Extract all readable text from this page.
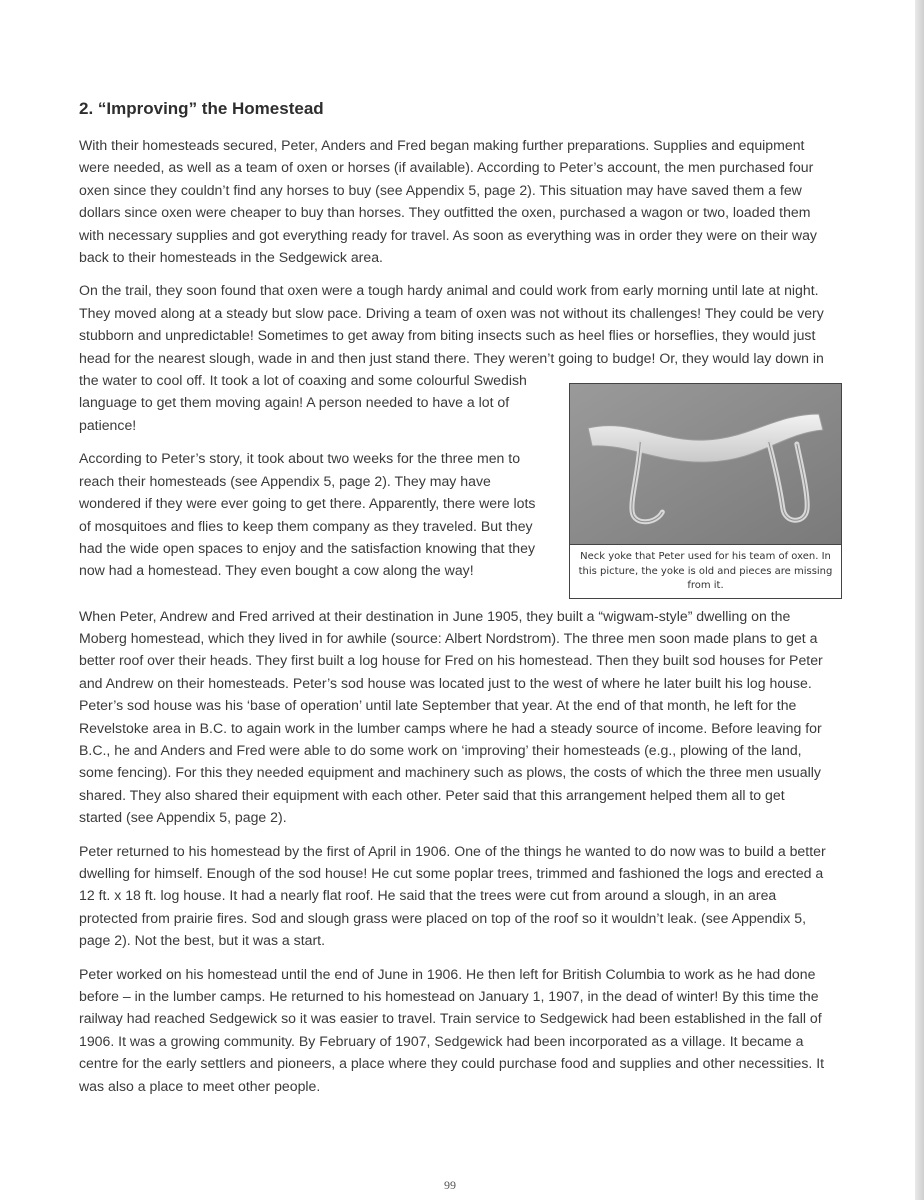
2. “Improving” the Homestead

With their homesteads secured, Peter, Anders and Fred began making further preparations. Supplies and equipment were needed, as well as a team of oxen or horses (if available). According to Peter’s account, the men purchased four oxen since they couldn’t find any horses to buy (see Appendix 5, page 2). This situation may have saved them a few dollars since oxen were cheaper to buy than horses. They outfitted the oxen, purchased a wagon or two, loaded them with necessary supplies and got everything ready for travel. As soon as everything was in order they were on their way back to their homesteads in the Sedgewick area.

On the trail, they soon found that oxen were a tough hardy animal and could work from early morning until late at night. They moved along at a steady but slow pace. Driving a team of oxen was not without its challenges! They could be very stubborn and unpredictable! Sometimes to get away from biting insects such as heel flies or horseflies, they would just head for the nearest slough, wade in and then just stand there. They weren’t going to
Neck yoke that Peter used for his team of oxen. In this picture, the yoke is old and pieces are missing from it.
budge! Or, they would lay down in the water to cool off. It took a lot of coaxing and some colourful Swedish language to get them moving again! A person needed to have a lot of patience!

According to Peter’s story, it took about two weeks for the three men to reach their homesteads (see Appendix 5, page 2). They may have wondered if they were ever going to get there. Apparently, there were lots of mosquitoes and flies to keep them company as they traveled. But they had the wide open spaces to enjoy and the satisfaction knowing that they now had a homestead. They even bought a cow along the way!

When Peter, Andrew and Fred arrived at their destination in June 1905, they built a “wigwam-style” dwelling on the Moberg homestead, which they lived in for awhile (source: Albert Nordstrom). The three men soon made plans to get a better roof over their heads. They first built a log house for Fred on his homestead. Then they built sod houses for Peter and Andrew on their homesteads. Peter’s sod house was located just to the west of where he later built his log house. Peter’s sod house was his ‘base of operation’ until late September that year. At the end of that month, he left for the Revelstoke area in B.C. to again work in the lumber camps where he had a steady source of income. Before leaving for B.C., he and Anders and Fred were able to do some work on ‘improving’ their homesteads (e.g., plowing of the land, some fencing). For this they needed equipment and machinery such as plows, the costs of which the three men usually shared. They also shared their equipment with each other. Peter said that this arrangement helped them all to get started (see Appendix 5, page 2).

Peter returned to his homestead by the first of April in 1906. One of the things he wanted to do now was to build a better dwelling for himself. Enough of the sod house! He cut some poplar trees, trimmed and fashioned the logs and erected a 12 ft. x 18 ft. log house. It had a nearly flat roof. He said that the trees were cut from around a slough, in an area protected from prairie fires. Sod and slough grass were placed on top of the roof so it wouldn’t leak. (see Appendix 5, page 2). Not the best, but it was a start.

Peter worked on his homestead until the end of June in 1906. He then left for British Columbia to work as he had done before – in the lumber camps. He returned to his homestead on January 1, 1907, in the dead of winter! By this time the railway had reached Sedgewick so it was easier to travel. Train service to Sedgewick had been established in the fall of 1906. It was a growing community. By February of 1907, Sedgewick had been incorporated as a village. It became a centre for the early settlers and pioneers, a place where they could purchase food and supplies and other necessities. It was also a place to meet other people.

99
